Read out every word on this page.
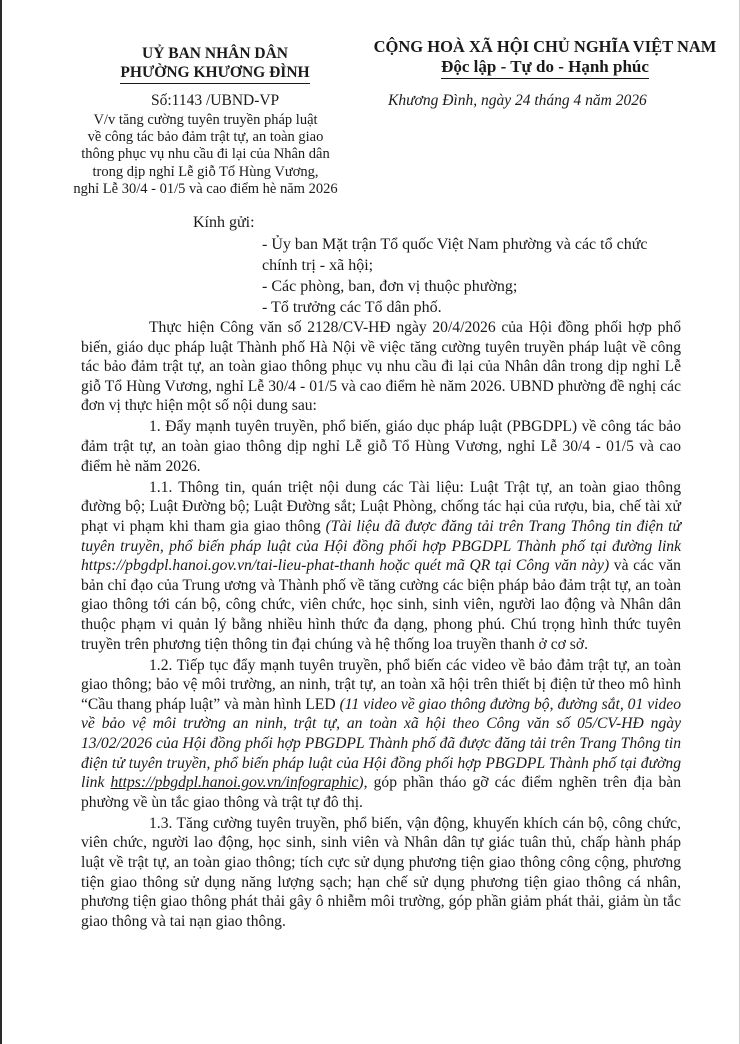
UỶ BAN NHÂN DÂN
PHƯỜNG KHƯƠNG ĐÌNH
CỘNG HOÀ XÃ HỘI CHỦ NGHĨA VIỆT NAM
Độc lập - Tự do - Hạnh phúc
Số:1143 /UBND-VP	Khương Đình, ngày 24 tháng 4 năm 2026
V/v tăng cường tuyên truyền pháp luật
về công tác bảo đảm trật tự, an toàn giao
thông phục vụ nhu cầu đi lại của Nhân dân
trong dịp nghỉ Lễ giỗ Tổ Hùng Vương,
nghỉ Lễ 30/4 - 01/5 và cao điểm hè năm 2026
Kính gửi:
- Ủy ban Mặt trận Tổ quốc Việt Nam phường và các tổ chức
chính trị - xã hội;
- Các phòng, ban, đơn vị thuộc phường;
- Tổ trưởng các Tổ dân phố.

Thực hiện Công văn số 2128/CV-HĐ ngày 20/4/2026 của Hội đồng phối hợp phổ biến, giáo dục pháp luật Thành phố Hà Nội về việc tăng cường tuyên truyền pháp luật về công tác bảo đảm trật tự, an toàn giao thông phục vụ nhu cầu đi lại của Nhân dân trong dịp nghỉ Lễ giỗ Tổ Hùng Vương, nghỉ Lễ 30/4 - 01/5 và cao điểm hè năm 2026. UBND phường đề nghị các đơn vị thực hiện một số nội dung sau:

1. Đẩy mạnh tuyên truyền, phổ biến, giáo dục pháp luật (PBGDPL) về công tác bảo đảm trật tự, an toàn giao thông dịp nghỉ Lễ giỗ Tổ Hùng Vương, nghỉ Lễ 30/4 - 01/5 và cao điểm hè năm 2026.

1.1. Thông tin, quán triệt nội dung các Tài liệu: Luật Trật tự, an toàn giao thông đường bộ; Luật Đường bộ; Luật Đường sắt; Luật Phòng, chống tác hại của rượu, bia, chế tài xử phạt vi phạm khi tham gia giao thông (Tài liệu đã được đăng tải trên Trang Thông tin điện tử tuyên truyền, phổ biến pháp luật của Hội đồng phối hợp PBGDPL Thành phố tại đường link https://pbgdpl.hanoi.gov.vn/tai-lieu-phat-thanh hoặc quét mã QR tại Công văn này) và các văn bản chỉ đạo của Trung ương và Thành phố về tăng cường các biện pháp bảo đảm trật tự, an toàn giao thông tới cán bộ, công chức, viên chức, học sinh, sinh viên, người lao động và Nhân dân thuộc phạm vi quản lý bằng nhiều hình thức đa dạng, phong phú. Chú trọng hình thức tuyên truyền trên phương tiện thông tin đại chúng và hệ thống loa truyền thanh ở cơ sở.

1.2. Tiếp tục đẩy mạnh tuyên truyền, phổ biến các video về bảo đảm trật tự, an toàn giao thông; bảo vệ môi trường, an ninh, trật tự, an toàn xã hội trên thiết bị điện tử theo mô hình “Cầu thang pháp luật” và màn hình LED (11 video về giao thông đường bộ, đường sắt, 01 video về bảo vệ môi trường an ninh, trật tự, an toàn xã hội theo Công văn số 05/CV-HĐ ngày 13/02/2026 của Hội đồng phối hợp PBGDPL Thành phố đã được đăng tải trên Trang Thông tin điện tử tuyên truyền, phổ biến pháp luật của Hội đồng phối hợp PBGDPL Thành phố tại đường link https://pbgdpl.hanoi.gov.vn/infographic), góp phần tháo gỡ các điểm nghẽn trên địa bàn phường về ùn tắc giao thông và trật tự đô thị.

1.3. Tăng cường tuyên truyền, phổ biến, vận động, khuyến khích cán bộ, công chức, viên chức, người lao động, học sinh, sinh viên và Nhân dân tự giác tuân thủ, chấp hành pháp luật về trật tự, an toàn giao thông; tích cực sử dụng phương tiện giao thông công cộng, phương tiện giao thông sử dụng năng lượng sạch; hạn chế sử dụng phương tiện giao thông cá nhân, phương tiện giao thông phát thải gây ô nhiễm môi trường, góp phần giảm phát thải, giảm ùn tắc giao thông và tai nạn giao thông.
